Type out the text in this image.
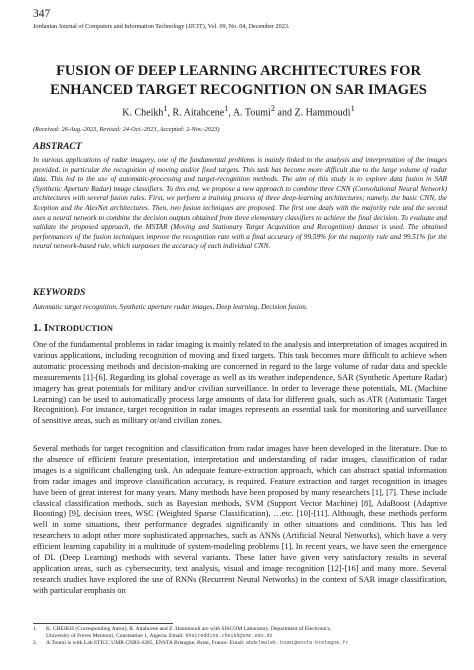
347
Jordanian Journal of Computers and Information Technology (JJCIT), Vol. 09, No. 04, December 2023.
FUSION OF DEEP LEARNING ARCHITECTURES FOR
ENHANCED TARGET RECOGNITION ON SAR IMAGES
K. Cheikh$^1$, R. Aitahcene$^1$, A. Toumi$^2$ and Z. Hammoudi$^1$
(Received: 26-Aug.-2023, Revised: 24-Oct.-2023, Accepted: 2-Nov.-2023)
ABSTRACT

In various applications of radar imagery, one of the fundamental problems is mainly linked to the analysis and interpretation of the images provided, in particular the recognition of moving and/or fixed targets. This task has become more difficult due to the large volume of radar data. This led to the use of automatic-processing and target-recognition methods. The aim of this study is to explore data fusion in SAR (Synthetic Aperture Radar) image classifiers. To this end, we propose a new approach to combine three CNN (Convolutional Neural Network) architectures with several fusion rules. First, we perform a training process of three deep-learning architectures; namely, the basic CNN, the Xception and the AlexNet architectures. Then, two fusion techniques are proposed. The first one deals with the majority rule and the second uses a neural network to combine the decision outputs obtained from three elementary classifiers to achieve the final decision. To evaluate and validate the proposed approach, the MSTAR (Moving and Stationary Target Acquisition and Recognition) dataset is used. The obtained performances of the fusion techniques improve the recognition rate with a final accuracy of 99.59% for the majority rule and 99.51% for the neural network-based rule, which surpasses the accuracy of each individual CNN.

KEYWORDS

Automatic target recognition, Synthetic aperture radar images, Deep learning, Decision fusion.

1. INTRODUCTION

One of the fundamental problems in radar imaging is mainly related to the analysis and interpretation of images acquired in various applications, including recognition of moving and fixed targets. This task becomes more difficult to achieve when automatic processing methods and decision-making are concerned in regard to the large volume of radar data and speckle measurements [1]-[6]. Regarding its global coverage as well as its weather independence, SAR (Synthetic Aperture Radar) imagery has great potentials for military and/or civilian surveillance. In order to leverage these potentials, ML (Machine Learning) can be used to automatically process large amounts of data for different goals, such as ATR (Automatic Target Recognition). For instance, target recognition in radar images represents an essential task for monitoring and surveillance of sensitive areas, such as military or/and civilian zones.

Several methods for target recognition and classification from radar images have been developed in the literature. Due to the absence of efficient feature presentation, interpretation and understanding of radar images, classification of radar images is a significant challenging task. An adequate feature-extraction approach, which can abstract spatial information from radar images and improve classification accuracy, is required. Feature extraction and target recognition in images have been of great interest for many years. Many methods have been proposed by many researchers [1], [7]. These include classical classification methods, such as Bayesian methods, SVM (Support Vector Machine) [8], AdaBoost (Adaptive Boosting) [9], decision trees, WSC (Weighted Sparse Classification), …etc. [10]-[11]. Although, these methods perform well in some situations, their performance degrades significantly in other situations and conditions. This has led researchers to adopt other more sophisticated approaches, such as ANNs (Artificial Neural Networks), which have a very efficient learning capability in a multitude of system-modeling problems [1]. In recent years, we have seen the emergence of DL (Deep Learning) methods with several variants. These latter have given very satisfactory results in several application areas, such as cybersecurity, text analysis, visual and image recognition [12]-[16] and many more. Several research studies have explored the use of RNNs (Recurrent Neural Networks) in the context of SAR image classification, with particular emphasis on

1.	K. CHEIKH (Corresponding Autor), R. Aitahcene and Z. Hammoudi are with SISCOM Laboratory, Department of Electronics,
University of Frères Mentouri, Constantine 1, Algeria. Email: khaireddine.cheikh@umc.edu.dz
2.	A.Toumi is with Lab STICC UMR CNRS 6285, ENSTA Bretagne, Brest, France. Email: abdelmalek.toumi@ensta-bretagne.fr
